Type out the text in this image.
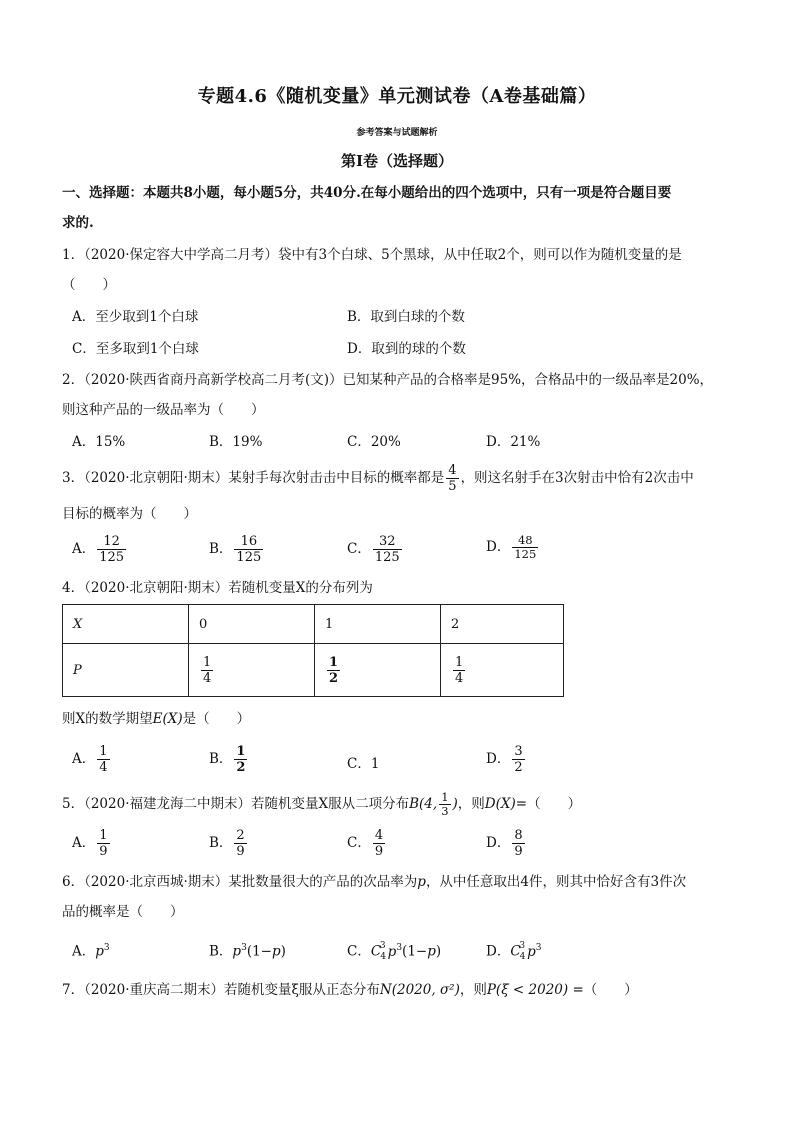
专题4.6《随机变量》单元测试卷（A卷基础篇）
参考答案与试题解析
第Ⅰ卷（选择题）
一、选择题：本题共8小题，每小题5分，共40分.在每小题给出的四个选项中，只有一项是符合题目要
求的.
1．（2020·保定容大中学高二月考）袋中有3个白球、5个黑球，从中任取2个，则可以作为随机变量的是
（　　）
A．至少取到1个白球	B．取到白球的个数
C．至多取到1个白球	D．取到的球的个数
2．（2020·陕西省商丹高新学校高二月考(文)）已知某种产品的合格率是95%，合格品中的一级品率是20%，
则这种产品的一级品率为（　　）
A．15%	B．19%	C．20%	D．21%
3．（2020·北京朝阳·期末）某射手每次射击击中目标的概率都是 $\frac{4}{5}$ ，则这名射手在3次射击中恰有2次击中
目标的概率为（　　）
A． $\frac{12}{125}$	B． $\frac{16}{125}$	C． $\frac{32}{125}$	D． $\frac{48}{125}$
4．（2020·北京朝阳·期末）若随机变量X的分布列为
X	0	1	2
P	$\frac{1}{4}$	$\frac{1}{2}$	$\frac{1}{4}$
则X的数学期望E(X)是（　　）
A． $\frac{1}{4}$	B． $\frac{1}{2}$	C．1	D． $\frac{3}{2}$
5．（2020·福建龙海二中期末）若随机变量X服从二项分布B(4, $\frac{1}{3}$ )，则D(X)=（　　）
A． $\frac{1}{9}$	B． $\frac{2}{9}$	C． $\frac{4}{9}$	D． $\frac{8}{9}$
6．（2020·北京西城·期末）某批数量很大的产品的次品率为p，从中任意取出4件，则其中恰好含有3件次
品的概率是（　　）
A．$p^3$	B．$p^3(1-p)$	C．$C_4^3$ $p^3(1-p)$	D．$C_4^3$ $p^3$
7．（2020·重庆高二期末）若随机变量ξ服从正态分布N(2020, σ²)，则P(ξ < 2020) =（　　）
